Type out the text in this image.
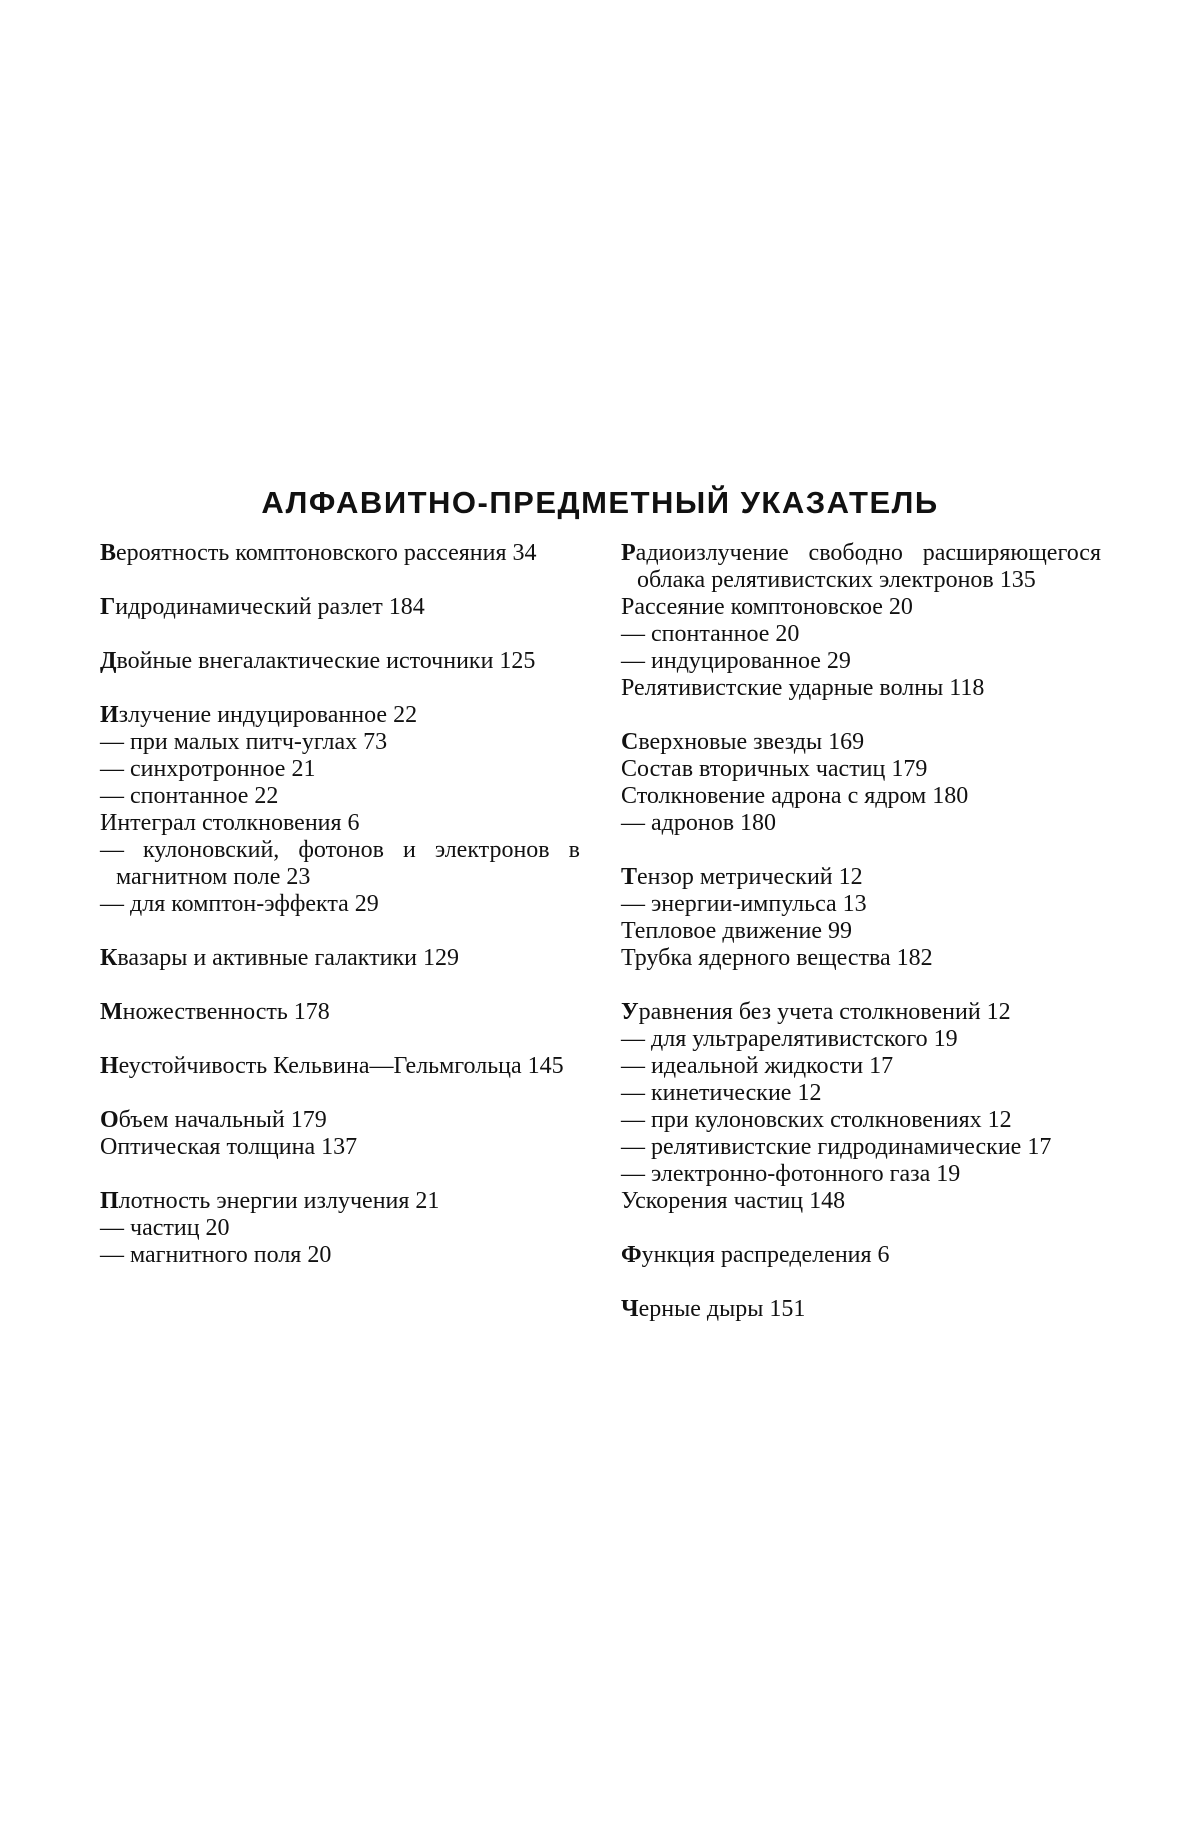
АЛФАВИТНО-ПРЕДМЕТНЫЙ УКАЗАТЕЛЬ
Вероятность комптоновского рассеяния 34
Гидродинамический разлет 184
Двойные внегалактические источники 125
Излучение индуцированное 22
— при малых питч-углах 73
— синхротронное 21
— спонтанное 22
Интеграл столкновения 6
— кулоновский, фотонов и электронов в магнитном поле 23
— для комптон-эффекта 29
Квазары и активные галактики 129
Множественность 178
Неустойчивость Кельвина—Гельмгольца 145
Объем начальный 179
Оптическая толщина 137
Плотность энергии излучения 21
— частиц 20
— магнитного поля 20
Радиоизлучение свободно расширяющегося облака релятивистских электронов 135
Рассеяние комптоновское 20
— спонтанное 20
— индуцированное 29
Релятивистские ударные волны 118
Сверхновые звезды 169
Состав вторичных частиц 179
Столкновение адрона с ядром 180
— адронов 180
Тензор метрический 12
— энергии-импульса 13
Тепловое движение 99
Трубка ядерного вещества 182
Уравнения без учета столкновений 12
— для ультрарелятивистского 19
— идеальной жидкости 17
— кинетические 12
— при кулоновских столкновениях 12
— релятивистские гидродинамические 17
— электронно-фотонного газа 19
Ускорения частиц 148
Функция распределения 6
Черные дыры 151
